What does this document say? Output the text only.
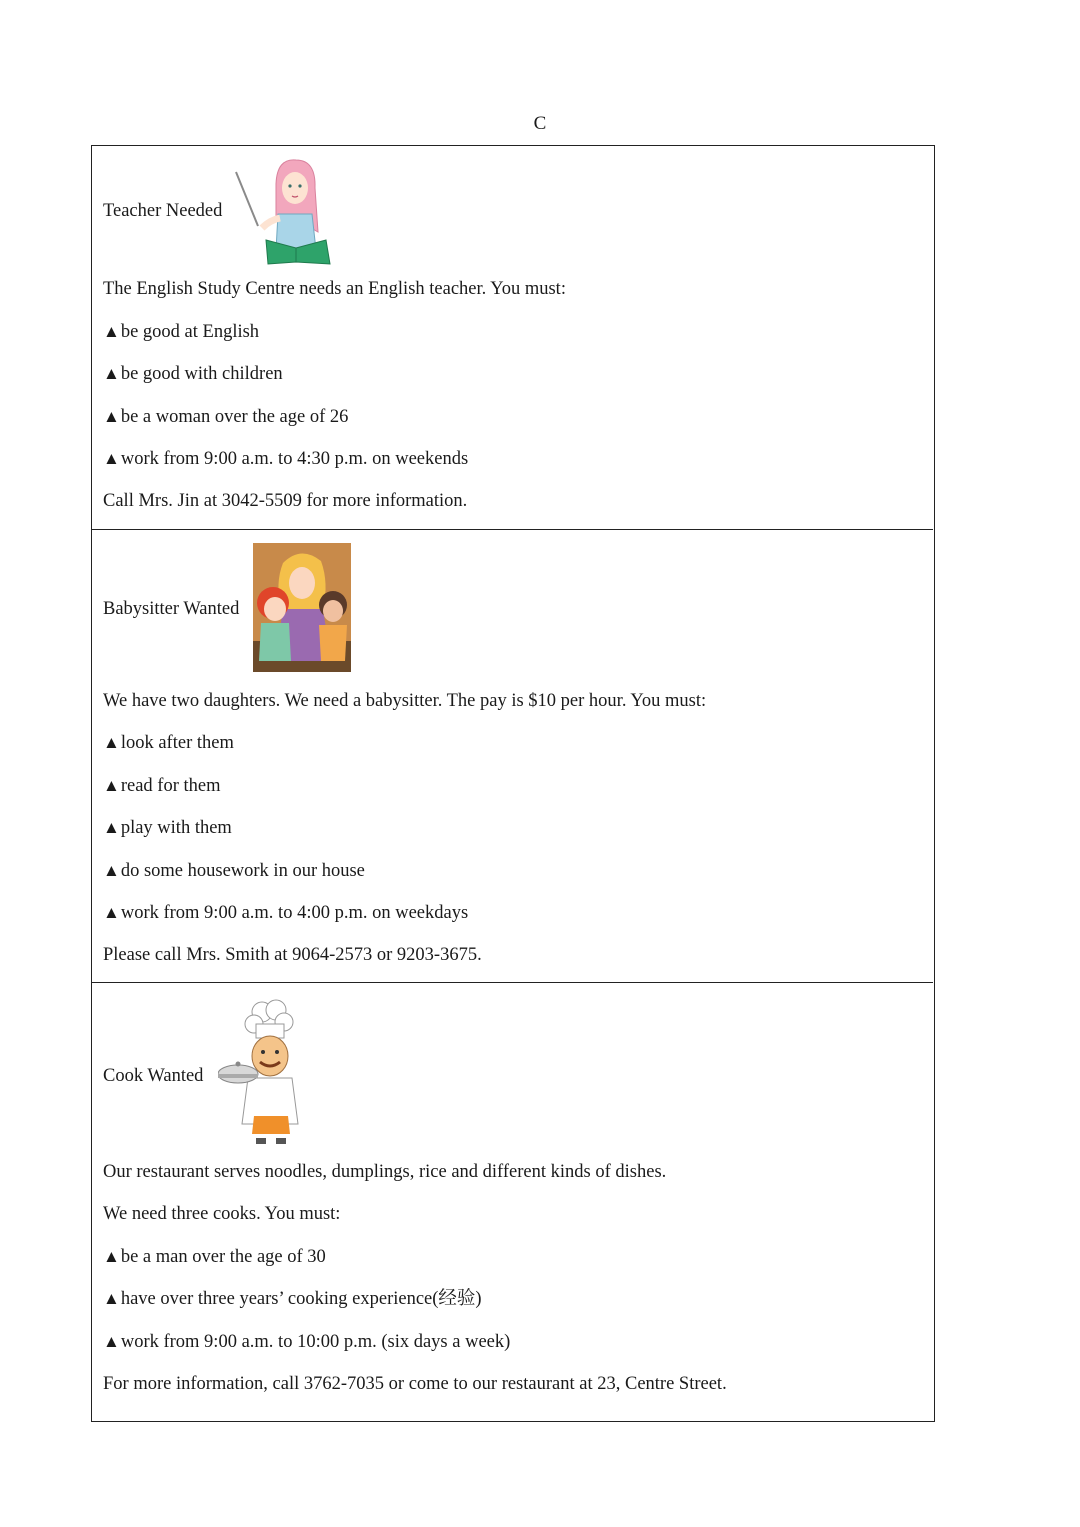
C
Teacher Needed
The English Study Centre needs an English teacher. You must:
▲be good at English
▲be good with children
▲be a woman over the age of 26
▲work from 9:00 a.m. to 4:30 p.m. on weekends
Call Mrs. Jin at 3042-5509 for more information.
Babysitter Wanted
We have two daughters. We need a babysitter. The pay is $10 per hour. You must:
▲look after them
▲read for them
▲play with them
▲do some housework in our house
▲work from 9:00 a.m. to 4:00 p.m. on weekdays
Please call Mrs. Smith at 9064-2573 or 9203-3675.
Cook Wanted
Our restaurant serves noodles, dumplings, rice and different kinds of dishes.
We need three cooks. You must:
▲be a man over the age of 30
▲have over three years’ cooking experience(经验)
▲work from 9:00 a.m. to 10:00 p.m. (six days a week)
For more information, call 3762-7035 or come to our restaurant at 23, Centre Street.
